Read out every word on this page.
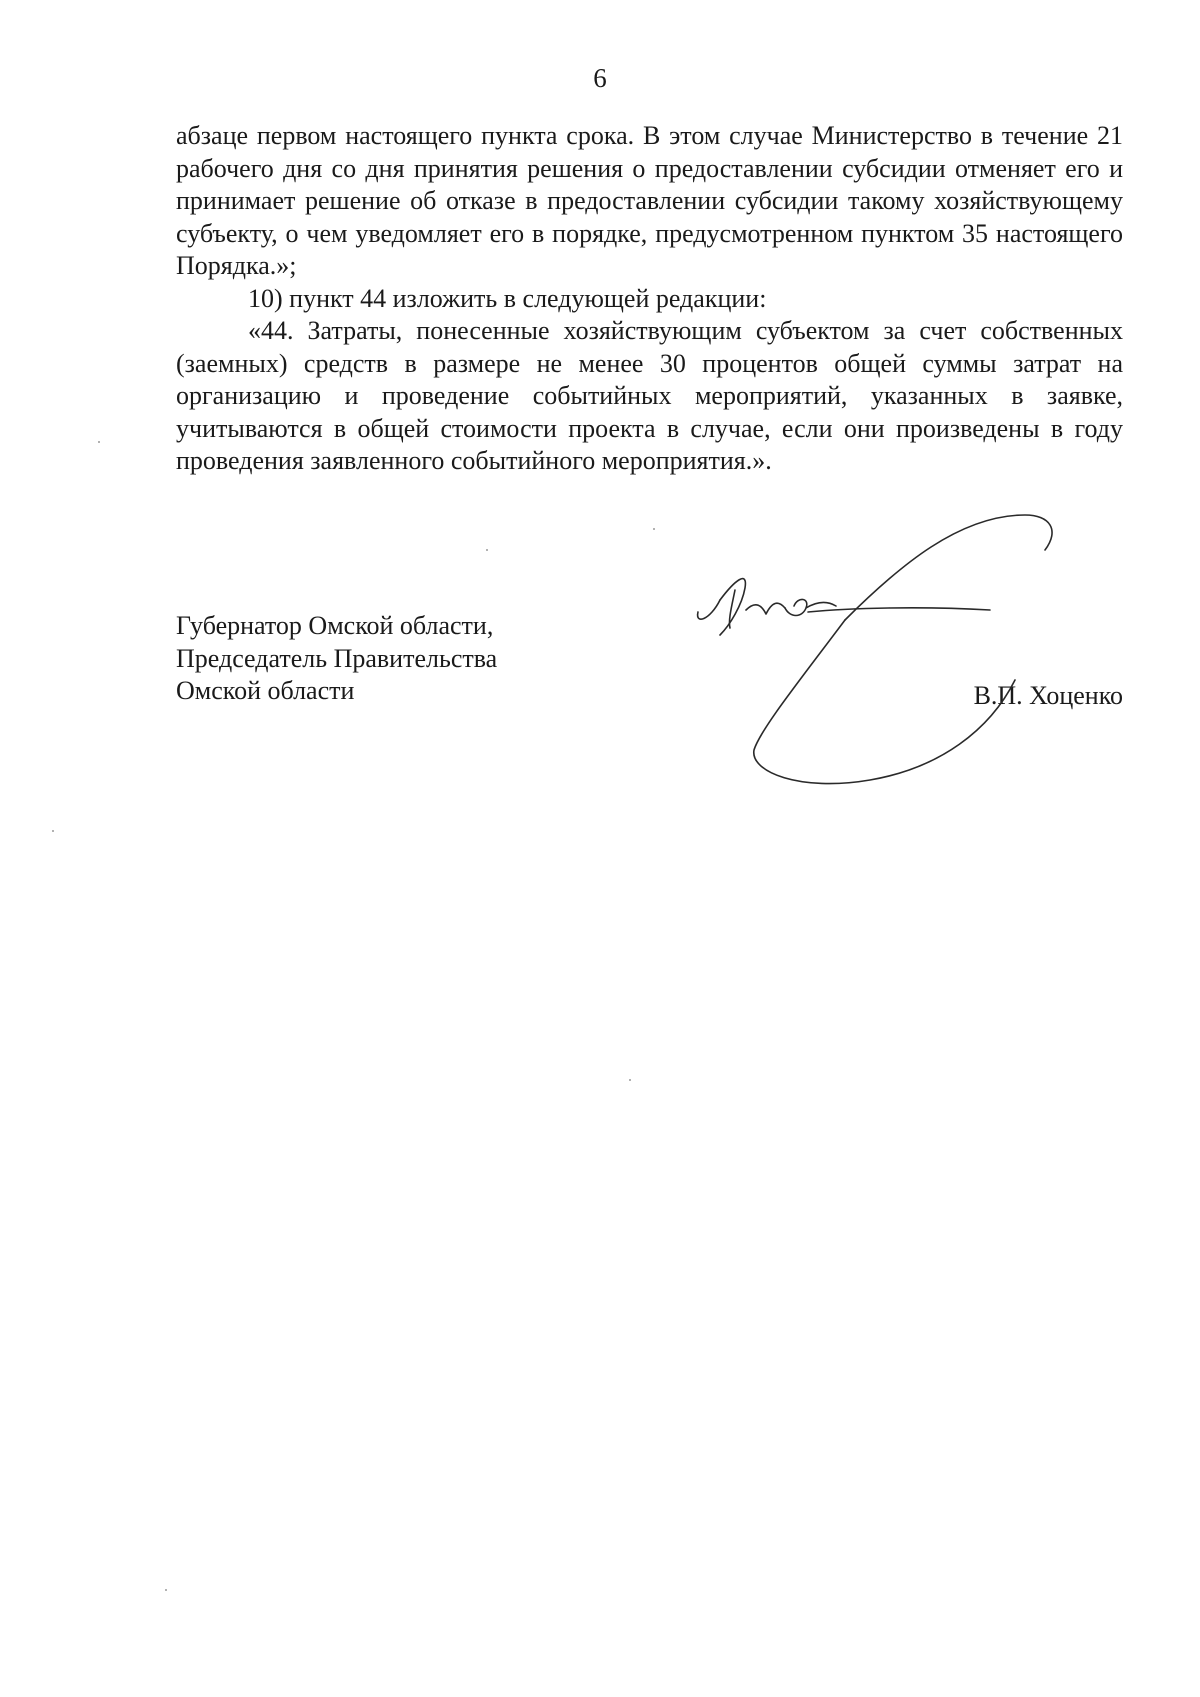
6

абзаце первом настоящего пункта срока. В этом случае Министерство в течение 21 рабочего дня со дня принятия решения о предоставлении субсидии отменяет его и принимает решение об отказе в предоставлении субсидии такому хозяйствующему субъекту, о чем уведомляет его в порядке, предусмотренном пунктом 35 настоящего Порядка.»;

10) пункт 44 изложить в следующей редакции:

«44. Затраты, понесенные хозяйствующим субъектом за счет собственных (заемных) средств в размере не менее 30 процентов общей суммы затрат на организацию и проведение событийных мероприятий, указанных в заявке, учитываются в общей стоимости проекта в случае, если они произведены в году проведения заявленного событийного мероприятия.».

Губернатор Омской области,
Председатель Правительства
Омской области	В.П. Хоценко
